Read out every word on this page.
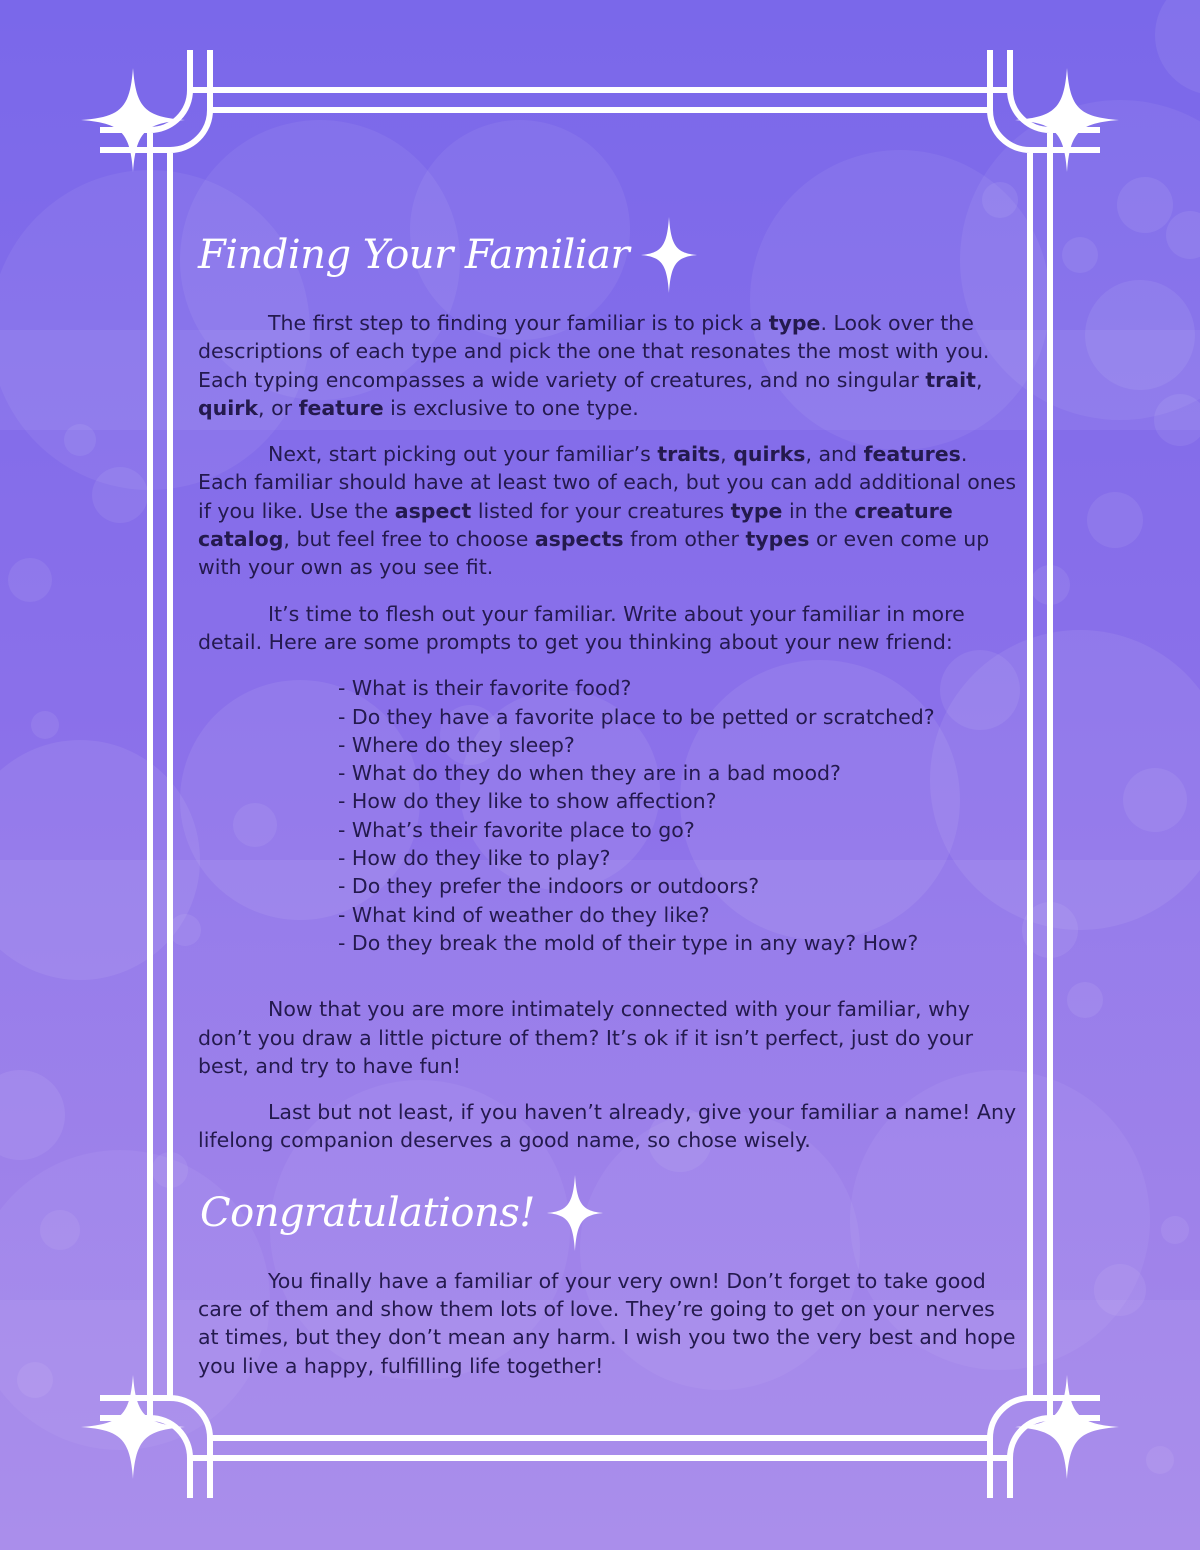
Finding Your Familiar

The first step to finding your familiar is to pick a type. Look over the descriptions of each type and pick the one that resonates the most with you. Each typing encompasses a wide variety of creatures, and no singular trait, quirk, or feature is exclusive to one type.

Next, start picking out your familiar’s traits, quirks, and features. Each familiar should have at least two of each, but you can add additional ones if you like. Use the aspect listed for your creatures type in the creature catalog, but feel free to choose aspects from other types or even come up with your own as you see fit.

It’s time to flesh out your familiar. Write about your familiar in more detail. Here are some prompts to get you thinking about your new friend:

- What is their favorite food?
- Do they have a favorite place to be petted or scratched?
- Where do they sleep?
- What do they do when they are in a bad mood?
- How do they like to show affection?
- What’s their favorite place to go?
- How do they like to play?
- Do they prefer the indoors or outdoors?
- What kind of weather do they like?
- Do they break the mold of their type in any way? How?

Now that you are more intimately connected with your familiar, why don’t you draw a little picture of them? It’s ok if it isn’t perfect, just do your best, and try to have fun!

Last but not least, if you haven’t already, give your familiar a name! Any lifelong companion deserves a good name, so chose wisely.

Congratulations!

You finally have a familiar of your very own! Don’t forget to take good care of them and show them lots of love. They’re going to get on your nerves at times, but they don’t mean any harm. I wish you two the very best and hope you live a happy, fulfilling life together!
